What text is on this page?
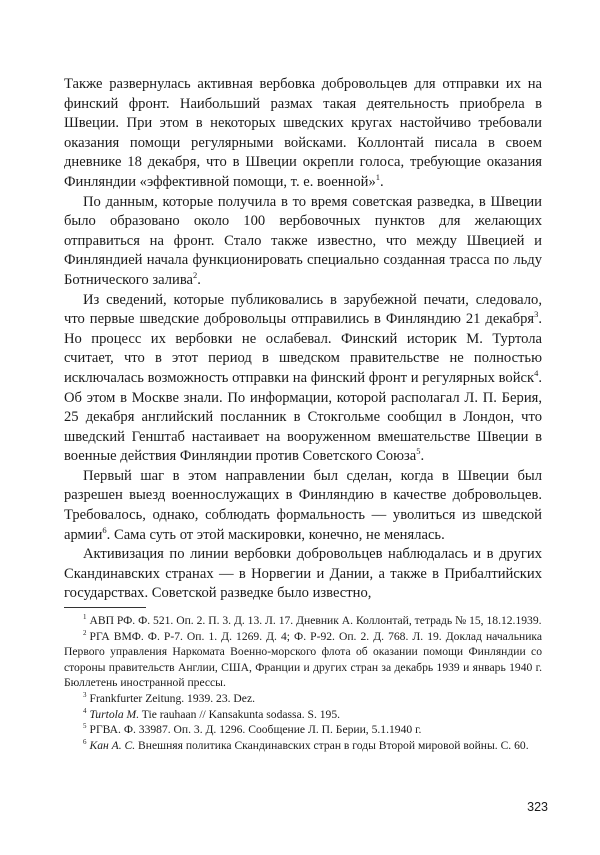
Также развернулась активная вербовка добровольцев для отправки их на финский фронт. Наибольший размах такая деятельность приобрела в Швеции. При этом в некоторых шведских кругах настойчиво требовали оказания помощи регулярными войсками. Коллонтай писала в своем дневнике 18 декабря, что в Швеции окрепли голоса, требующие оказания Финляндии «эффективной помощи, т. е. военной»$^1$.

По данным, которые получила в то время советская разведка, в Швеции было образовано около 100 вербовочных пунктов для желающих отправиться на фронт. Стало также известно, что между Швецией и Финляндией начала функционировать специально созданная трасса по льду Ботнического залива$^2$.

Из сведений, которые публиковались в зарубежной печати, следовало, что первые шведские добровольцы отправились в Финляндию 21 декабря$^3$. Но процесс их вербовки не ослабевал. Финский историк М. Туртола считает, что в этот период в шведском правительстве не полностью исключалась возможность отправки на финский фронт и регулярных войск$^4$. Об этом в Москве знали. По информации, которой располагал Л. П. Берия, 25 декабря английский посланник в Стокгольме сообщил в Лондон, что шведский Генштаб настаивает на вооруженном вмешательстве Швеции в военные действия Финляндии против Советского Союза$^5$.

Первый шаг в этом направлении был сделан, когда в Швеции был разрешен выезд военнослужащих в Финляндию в качестве добровольцев. Требовалось, однако, соблюдать формальность — уволиться из шведской армии$^6$. Сама суть от этой маскировки, конечно, не менялась.

Активизация по линии вербовки добровольцев наблюдалась и в других Скандинавских странах — в Норвегии и Дании, а также в Прибалтийских государствах. Советской разведке было известно,

$^1$ АВП РФ. Ф. 521. Оп. 2. П. 3. Д. 13. Л. 17. Дневник А. Коллонтай, тетрадь № 15, 18.12.1939.

$^2$ РГА ВМФ. Ф. Р-7. Оп. 1. Д. 1269. Д. 4; Ф. Р-92. Оп. 2. Д. 768. Л. 19. Доклад начальника Первого управления Наркомата Военно-морского флота об оказании помощи Финляндии со стороны правительств Англии, США, Франции и других стран за декабрь 1939 и январь 1940 г. Бюллетень иностранной прессы.

$^3$ Frankfurter Zeitung. 1939. 23. Dez.

$^4$ Turtola M. Tie rauhaan // Kansakunta sodassa. S. 195.

$^5$ РГВА. Ф. 33987. Оп. 3. Д. 1296. Сообщение Л. П. Берии, 5.1.1940 г.

$^6$ Кан А. С. Внешняя политика Скандинавских стран в годы Второй мировой войны. С. 60.

323
